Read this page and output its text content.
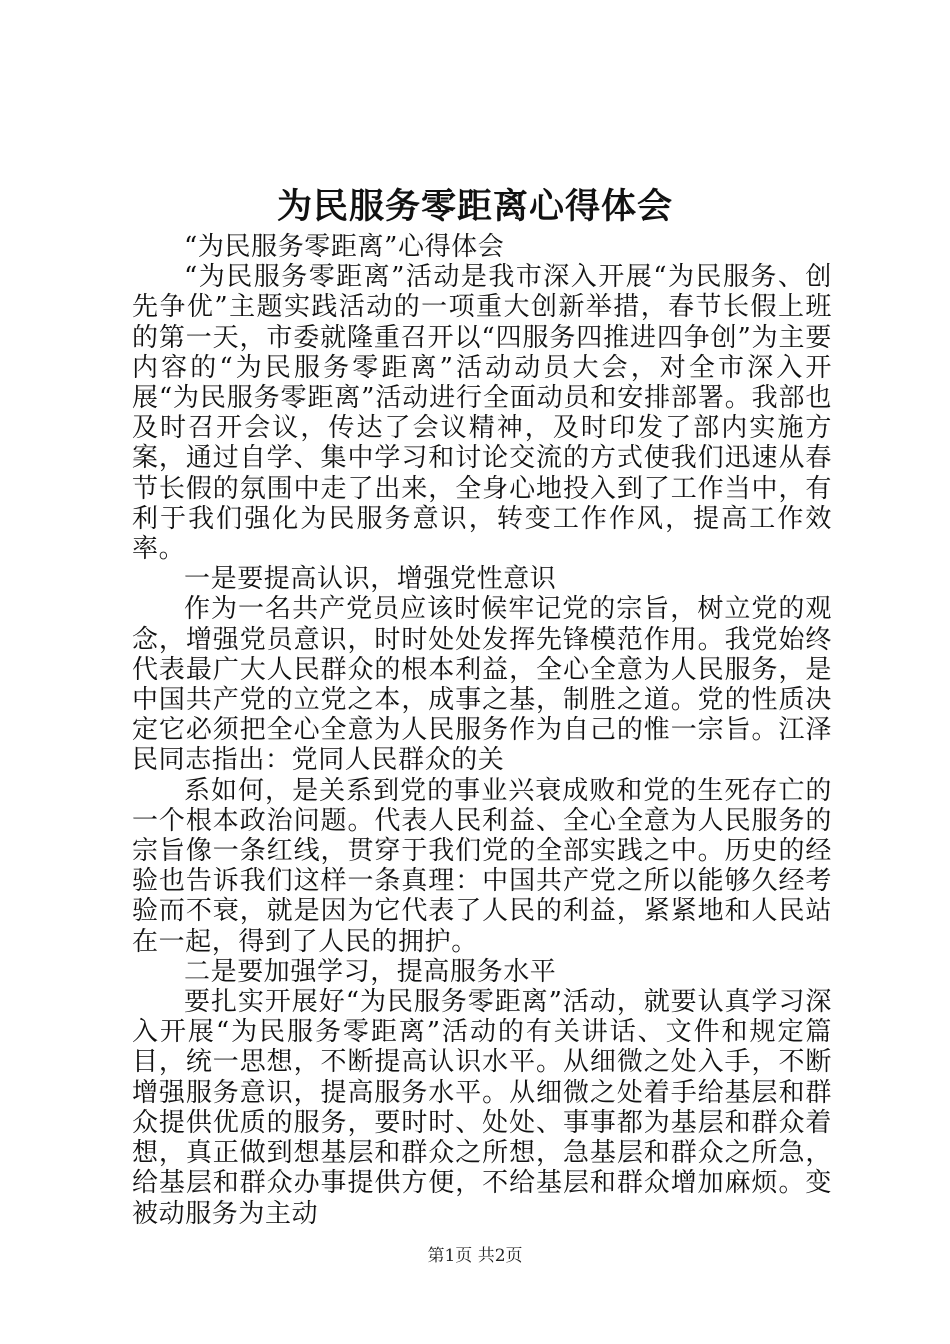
为民服务零距离心得体会

“为民服务零距离”心得体会

“为民服务零距离”活动是我市深入开展“为民服务、创先争优”主题实践活动的一项重大创新举措，春节长假上班的第一天，市委就隆重召开以“四服务四推进四争创”为主要内容的“为民服务零距离”活动动员大会，对全市深入开展“为民服务零距离”活动进行全面动员和安排部署。我部也及时召开会议，传达了会议精神，及时印发了部内实施方案，通过自学、集中学习和讨论交流的方式使我们迅速从春节长假的氛围中走了出来，全身心地投入到了工作当中，有利于我们强化为民服务意识，转变工作作风，提高工作效率。

一是要提高认识，增强党性意识

作为一名共产党员应该时候牢记党的宗旨，树立党的观念，增强党员意识，时时处处发挥先锋模范作用。我党始终代表最广大人民群众的根本利益，全心全意为人民服务，是中国共产党的立党之本，成事之基，制胜之道。党的性质决定它必须把全心全意为人民服务作为自己的惟一宗旨。江泽民同志指出：党同人民群众的关

系如何，是关系到党的事业兴衰成败和党的生死存亡的一个根本政治问题。代表人民利益、全心全意为人民服务的宗旨像一条红线，贯穿于我们党的全部实践之中。历史的经验也告诉我们这样一条真理：中国共产党之所以能够久经考验而不衰，就是因为它代表了人民的利益，紧紧地和人民站在一起，得到了人民的拥护。

二是要加强学习，提高服务水平

要扎实开展好“为民服务零距离”活动，就要认真学习深入开展“为民服务零距离”活动的有关讲话、文件和规定篇目，统一思想，不断提高认识水平。从细微之处入手，不断增强服务意识，提高服务水平。从细微之处着手给基层和群众提供优质的服务，要时时、处处、事事都为基层和群众着想，真正做到想基层和群众之所想，急基层和群众之所急，给基层和群众办事提供方便，不给基层和群众增加麻烦。变被动服务为主动

第1页 共2页
